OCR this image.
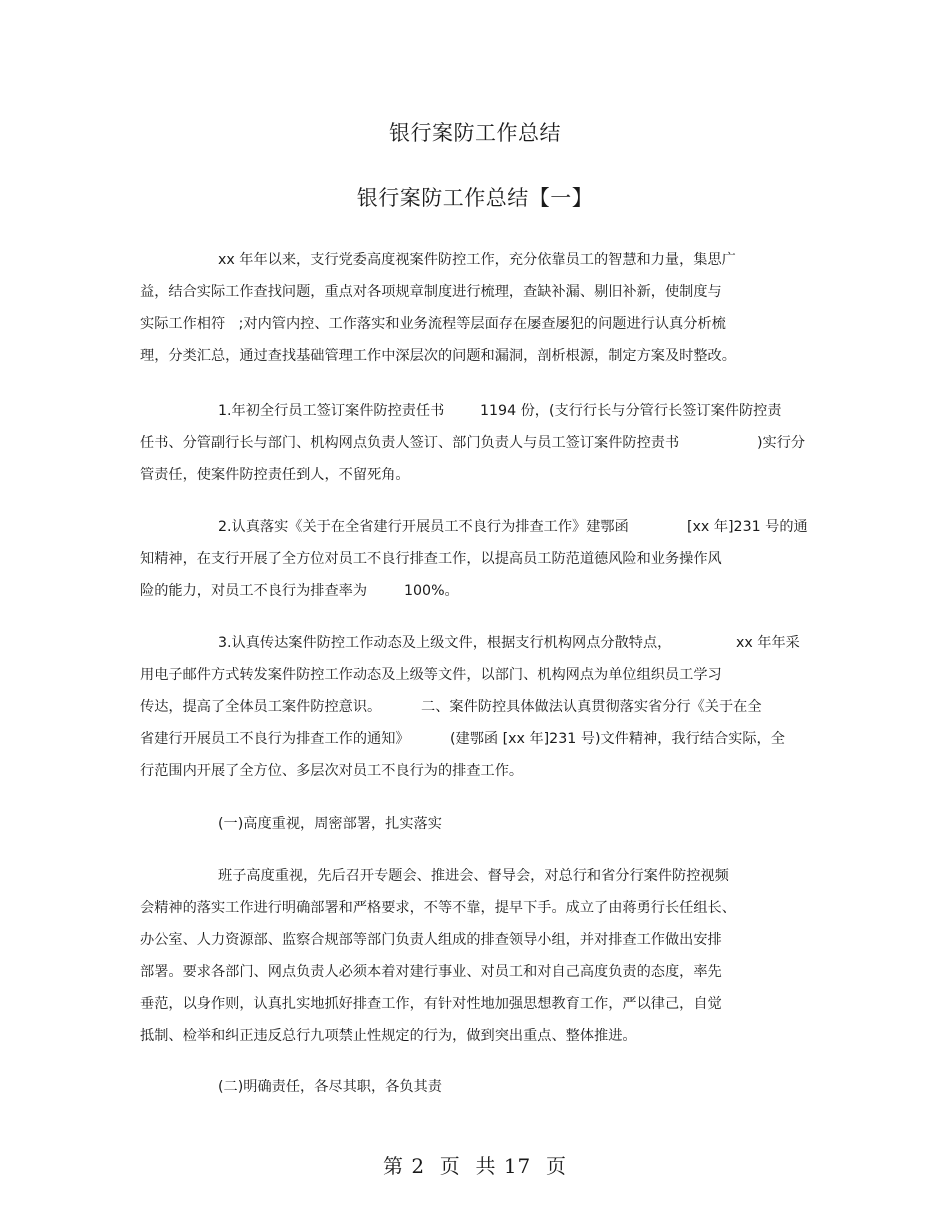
银行案防工作总结
银行案防工作总结【一】
xx 年年以来，支行党委高度视案件防控工作，充分依靠员工的智慧和力量，集思广
益，结合实际工作查找问题，重点对各项规章制度进行梳理，查缺补漏、剔旧补新，使制度与
实际工作相符   ;对内管内控、工作落实和业务流程等层面存在屡查屡犯的问题进行认真分析梳
理，分类汇总，通过查找基础管理工作中深层次的问题和漏洞，剖析根源，制定方案及时整改。
1.年初全行员工签订案件防控责任书	1194 份，(支行行长与分管行长签订案件防控责
任书、分管副行长与部门、机构网点负责人签订、部门负责人与员工签订案件防控责书	)实行分
管责任，使案件防控责任到人，不留死角。
2.认真落实《关于在全省建行开展员工不良行为排查工作》建鄂函	[xx 年]231 号的通
知精神，在支行开展了全方位对员工不良行排查工作，以提高员工防范道德风险和业务操作风
险的能力，对员工不良行为排查率为	100%。
3.认真传达案件防控工作动态及上级文件，根据支行机构网点分散特点，	xx 年年采
用电子邮件方式转发案件防控工作动态及上级等文件，以部门、机构网点为单位组织员工学习
传达，提高了全体员工案件防控意识。	二、案件防控具体做法认真贯彻落实省分行《关于在全
省建行开展员工不良行为排查工作的通知》	(建鄂函 [xx 年]231 号)文件精神，我行结合实际，全
行范围内开展了全方位、多层次对员工不良行为的排查工作。
(一)高度重视，周密部署，扎实落实
班子高度重视，先后召开专题会、推进会、督导会，对总行和省分行案件防控视频
会精神的落实工作进行明确部署和严格要求，不等不靠，提早下手。成立了由蒋勇行长任组长、
办公室、人力资源部、监察合规部等部门负责人组成的排查领导小组，并对排查工作做出安排
部署。要求各部门、网点负责人必须本着对建行事业、对员工和对自己高度负责的态度，率先
垂范，以身作则，认真扎实地抓好排查工作，有针对性地加强思想教育工作，严以律己，自觉
抵制、检举和纠正违反总行九项禁止性规定的行为，做到突出重点、整体推进。
(二)明确责任，各尽其职，各负其责
第 2  页  共 17  页
